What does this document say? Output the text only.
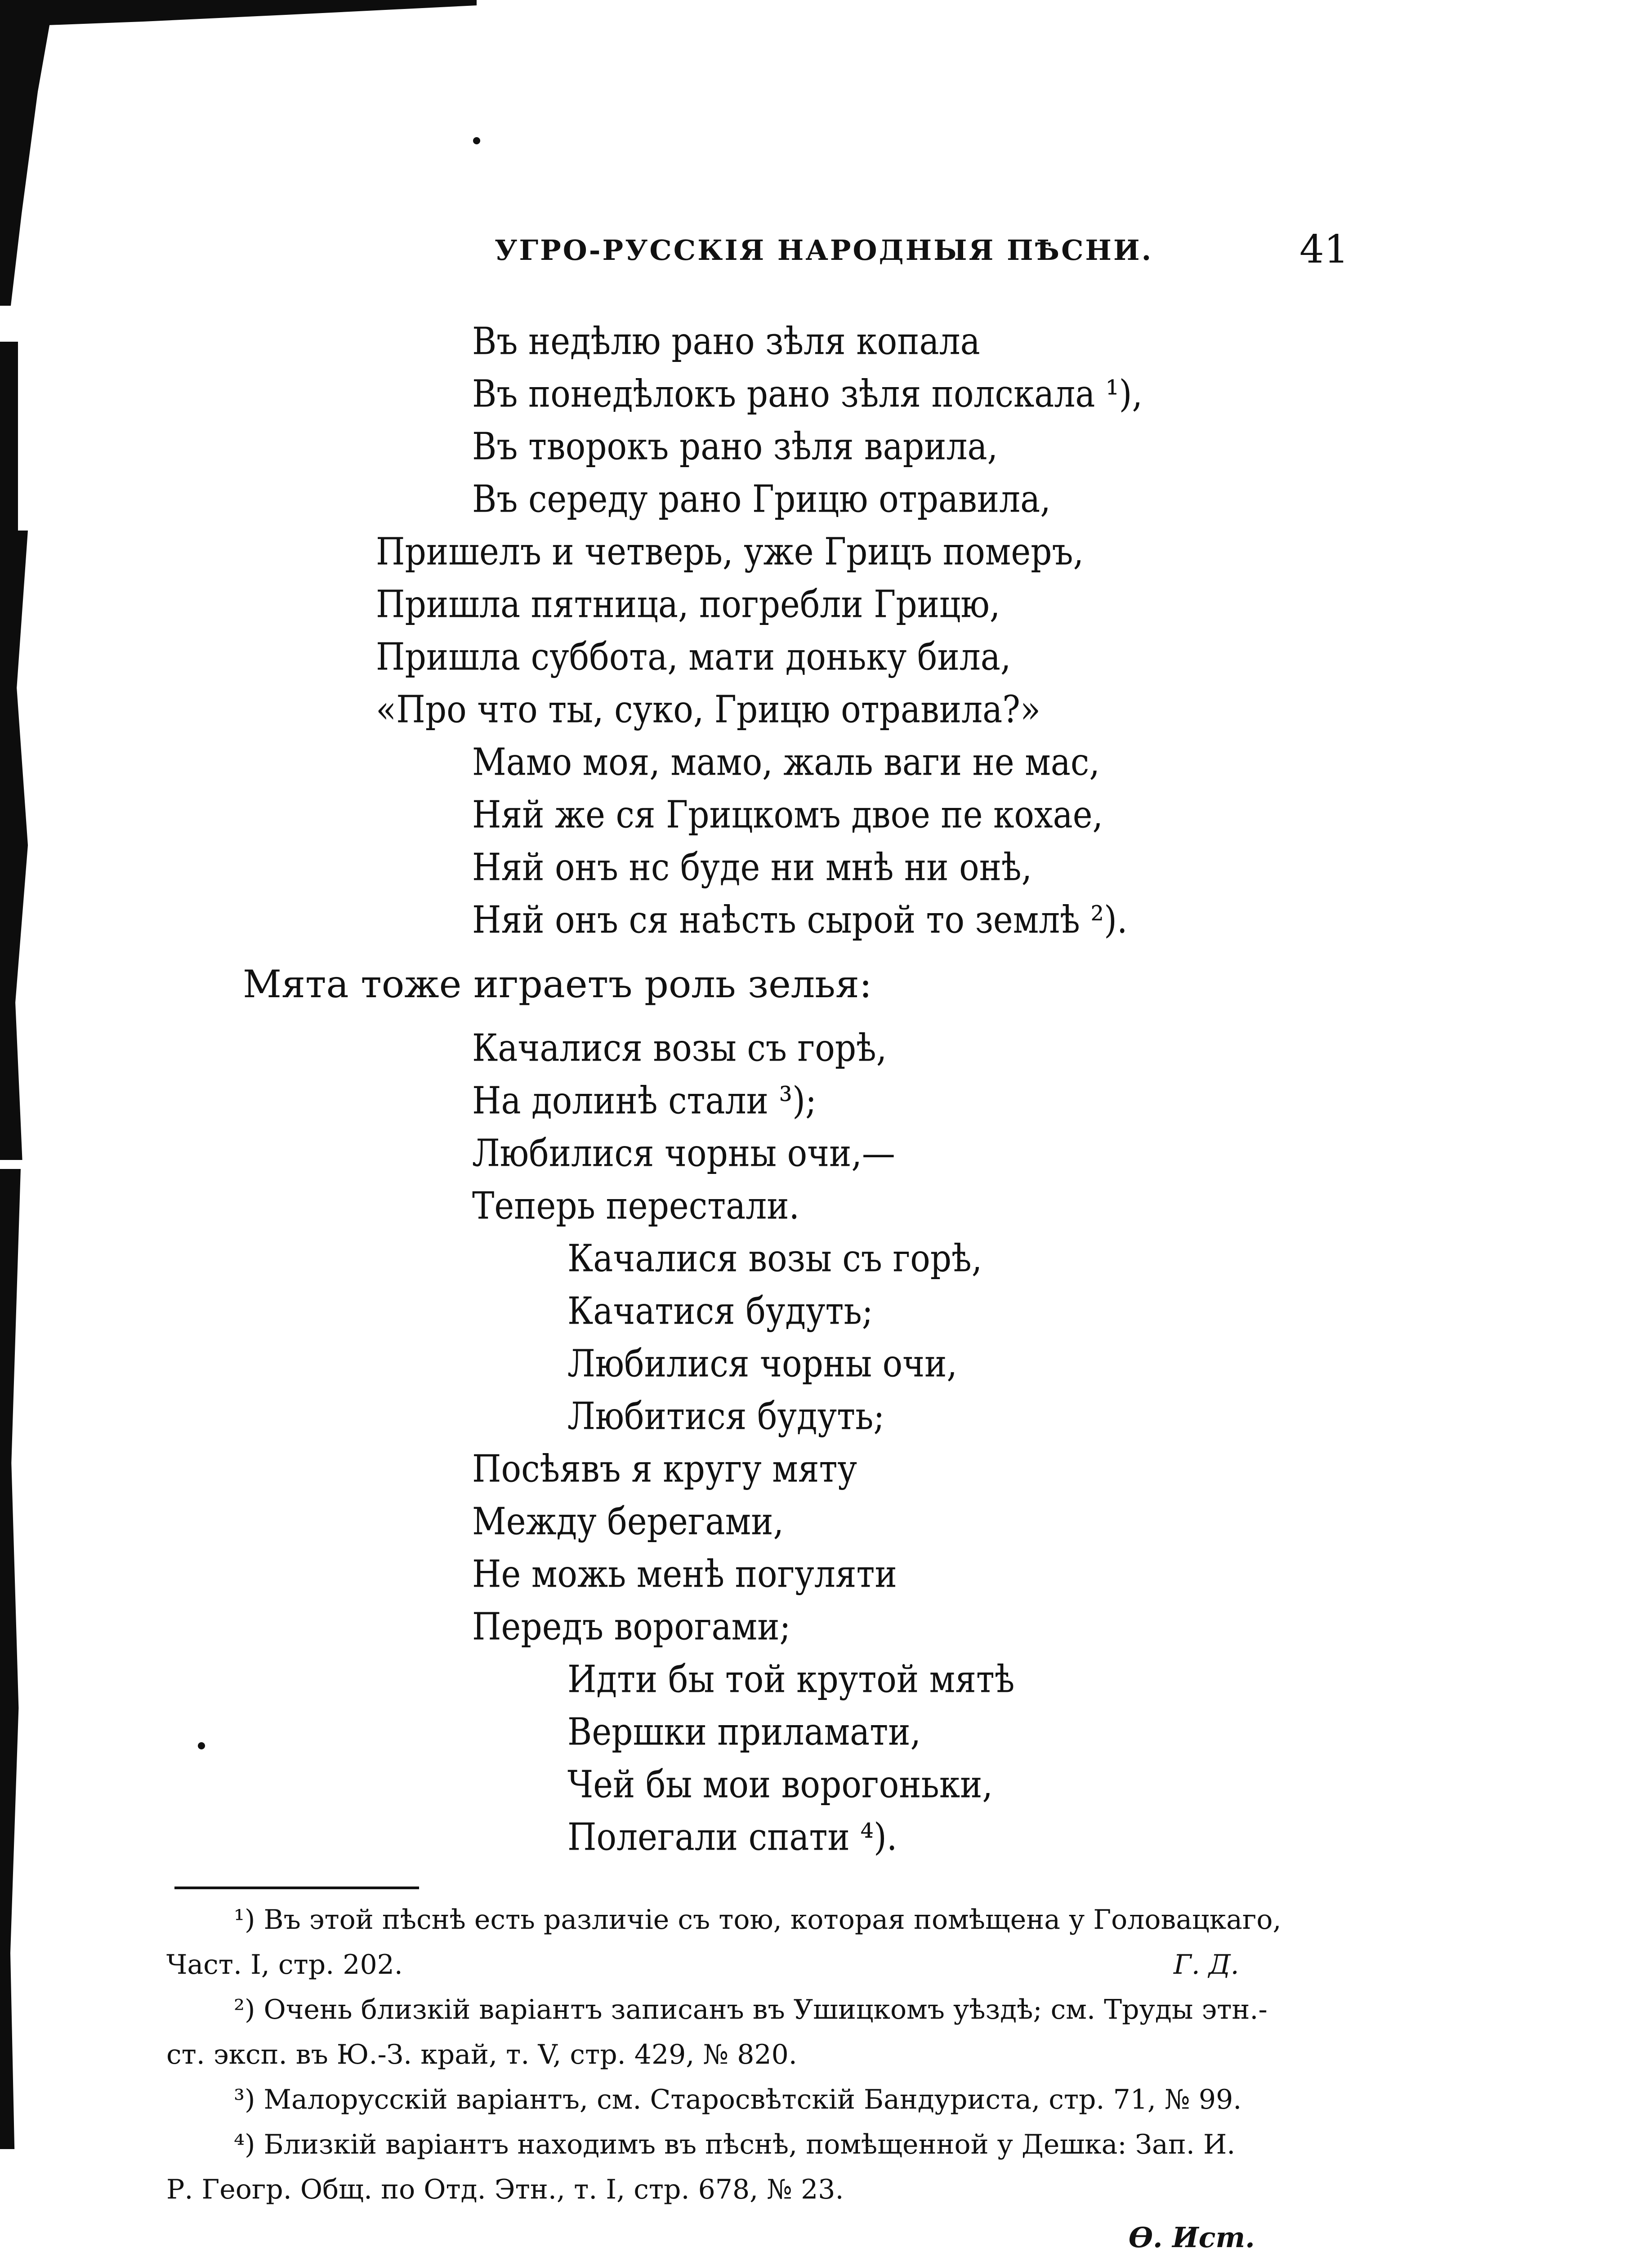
УГРО-РУССКІЯ НАРОДНЫЯ ПѢСНИ.	41
Въ недѣлю рано зѣля копала
Въ понедѣлокъ рано зѣля полскала ¹),
Въ творокъ рано зѣля варила,
Въ середу рано Грицю отравила,
Пришелъ и четверь, уже Грицъ померъ,
Пришла пятница, погребли Грицю,
Пришла суббота, мати доньку била,
«Про что ты, суко, Грицю отравила?»
Мамо моя, мамо, жаль ваги не мас,
Няй же ся Грицкомъ двое пе кохае,
Няй онъ нс буде ни мнѣ ни онѣ,
Няй онъ ся наѣсть сырой то землѣ ²).
Мята тоже играетъ роль зелья:
Качалися возы съ горѣ,
На долинѣ стали ³);
Любилися чорны очи,—
Теперь перестали.
Качалися возы съ горѣ,
Качатися будуть;
Любилися чорны очи,
Любитися будуть;
Посѣявъ я кругу мяту
Между берегами,
Не можь менѣ погуляти
Передъ ворогами;
Идти бы той крутой мятѣ
Вершки приламати,
Чей бы мои ворогоньки,
Полегали спати ⁴).
¹) Въ этой пѣснѣ есть различіе съ тою, которая помѣщена у Головацкаго,
Част. I, стр. 202.	Г. Д.
²) Очень близкій варіантъ записанъ въ Ушицкомъ уѣздѣ; см. Труды этн.-
ст. эксп. въ Ю.-З. край, т. V, стр. 429, № 820.
³) Малорусскій варіантъ, см. Старосвѣтскій Бандуриста, стр. 71, № 99.
⁴) Близкій варіантъ находимъ въ пѣснѣ, помѣщенной у Дешка: Зап. И.
Р. Геогр. Общ. по Отд. Этн., т. I, стр. 678, № 23.
Ѳ. Ист.
